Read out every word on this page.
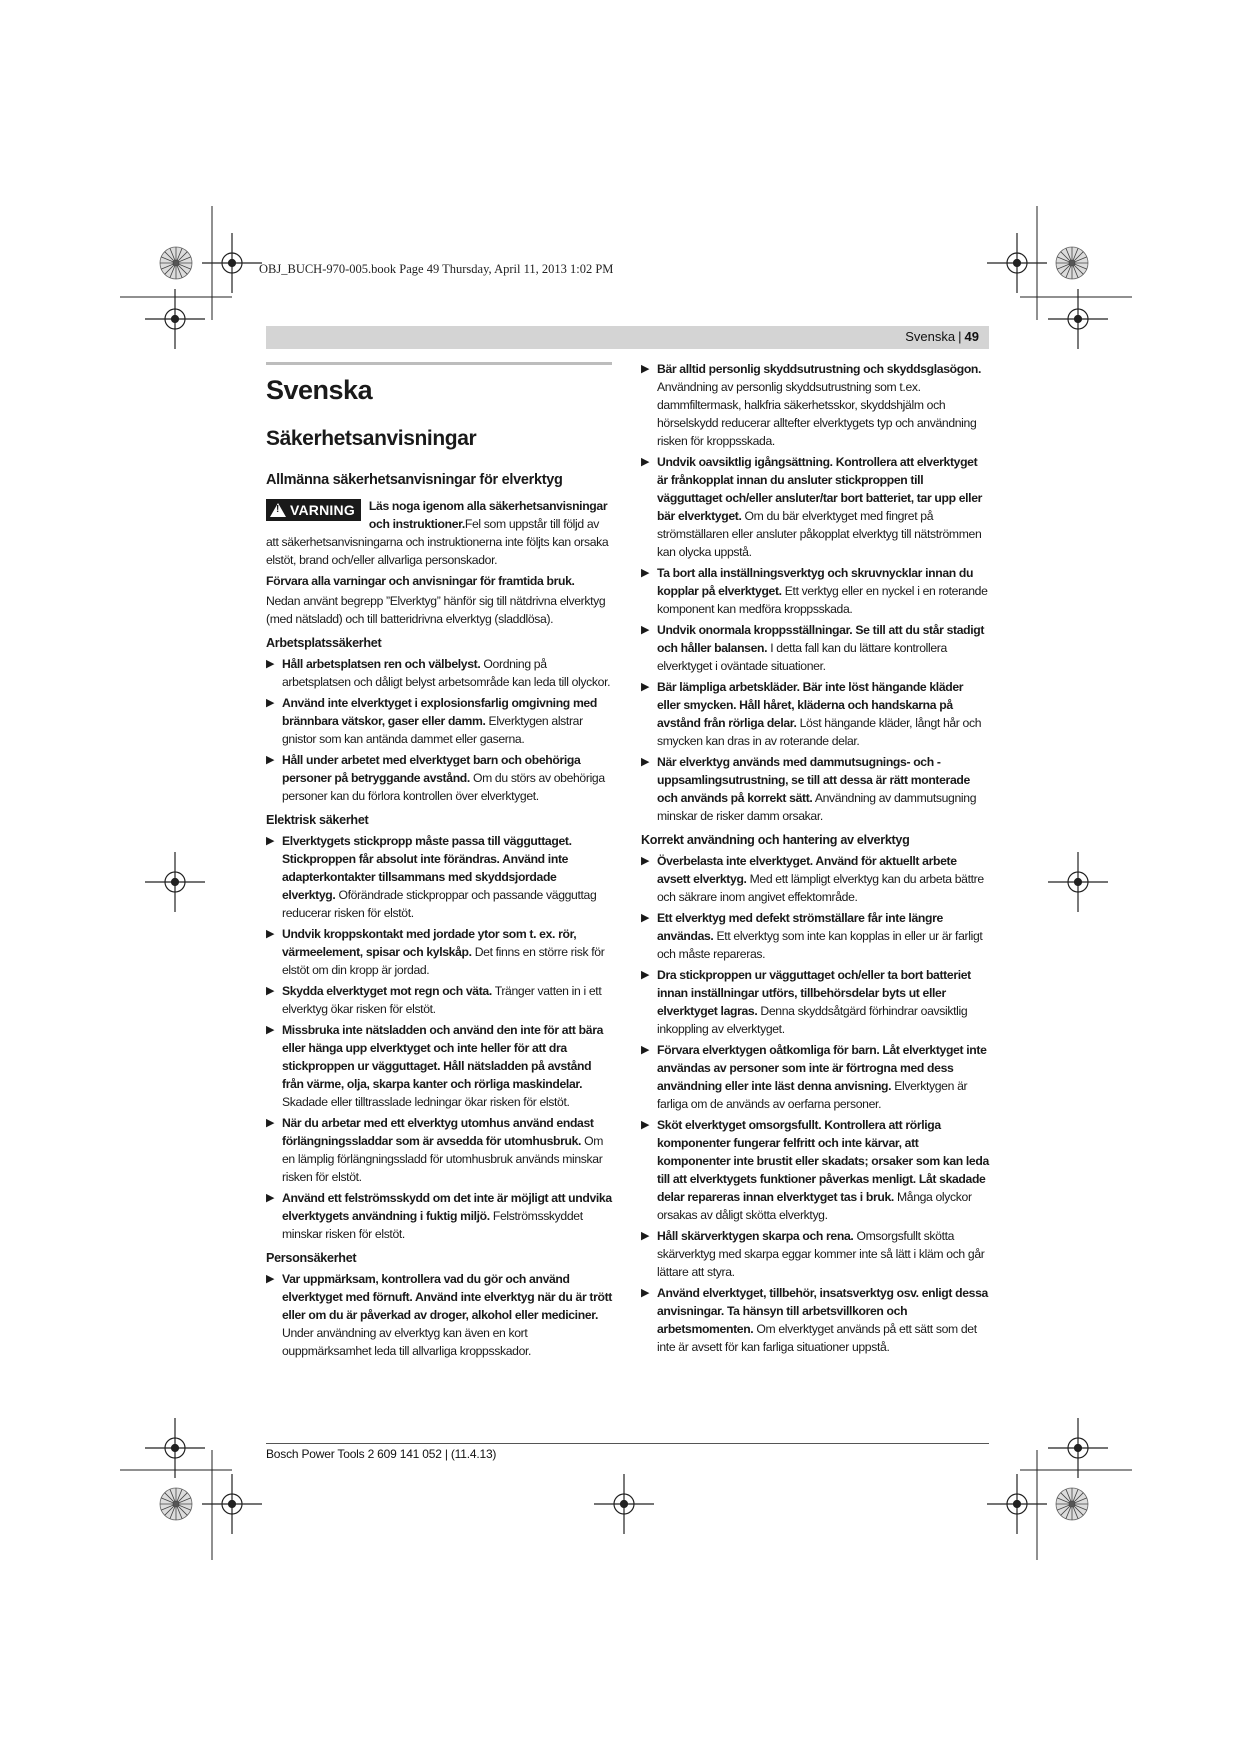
OBJ_BUCH-970-005.book Page 49 Thursday, April 11, 2013 1:02 PM
Svenska | 49
Svenska
Säkerhetsanvisningar
Allmänna säkerhetsanvisningar för elverktyg
!
VARNING Läs noga igenom alla säkerhetsanvisningar och instruktioner.Fel som uppstår till följd av att säkerhetsanvisningarna och instruktionerna inte följts kan orsaka elstöt, brand och/eller allvarliga personskador.

Förvara alla varningar och anvisningar för framtida bruk.

Nedan använt begrepp ”Elverktyg” hänför sig till nätdrivna elverktyg (med nätsladd) och till batteridrivna elverktyg (sladdlösa).

Arbetsplatssäkerhet
▶ Håll arbetsplatsen ren och välbelyst. Oordning på arbetsplatsen och dåligt belyst arbetsområde kan leda till olyckor.
▶ Använd inte elverktyget i explosionsfarlig omgivning med brännbara vätskor, gaser eller damm. Elverktygen alstrar gnistor som kan antända dammet eller gaserna.
▶ Håll under arbetet med elverktyget barn och obehöriga personer på betryggande avstånd. Om du störs av obehöriga personer kan du förlora kontrollen över elverktyget.
Elektrisk säkerhet
▶ Elverktygets stickpropp måste passa till vägguttaget. Stickproppen får absolut inte förändras. Använd inte adapterkontakter tillsammans med skyddsjordade elverktyg. Oförändrade stickproppar och passande vägguttag reducerar risken för elstöt.
▶ Undvik kroppskontakt med jordade ytor som t. ex. rör, värmeelement, spisar och kylskåp. Det finns en större risk för elstöt om din kropp är jordad.
▶ Skydda elverktyget mot regn och väta. Tränger vatten in i ett elverktyg ökar risken för elstöt.
▶ Missbruka inte nätsladden och använd den inte för att bära eller hänga upp elverktyget och inte heller för att dra stickproppen ur vägguttaget. Håll nätsladden på avstånd från värme, olja, skarpa kanter och rörliga maskindelar. Skadade eller tilltrasslade ledningar ökar risken för elstöt.
▶ När du arbetar med ett elverktyg utomhus använd endast förlängningssladdar som är avsedda för utomhusbruk. Om en lämplig förlängningssladd för utomhusbruk används minskar risken för elstöt.
▶ Använd ett felströmsskydd om det inte är möjligt att undvika elverktygets användning i fuktig miljö. Felströmsskyddet minskar risken för elstöt.
Personsäkerhet
▶ Var uppmärksam, kontrollera vad du gör och använd elverktyget med förnuft. Använd inte elverktyg när du är trött eller om du är påverkad av droger, alkohol eller mediciner. Under användning av elverktyg kan även en kort ouppmärksamhet leda till allvarliga kroppsskador.
▶ Bär alltid personlig skyddsutrustning och skyddsglasögon. Användning av personlig skyddsutrustning som t.ex. dammfiltermask, halkfria säkerhetsskor, skyddshjälm och hörselskydd reducerar alltefter elverktygets typ och användning risken för kroppsskada.
▶ Undvik oavsiktlig igångsättning. Kontrollera att elverktyget är frånkopplat innan du ansluter stickproppen till vägguttaget och/eller ansluter/tar bort batteriet, tar upp eller bär elverktyget. Om du bär elverktyget med fingret på strömställaren eller ansluter påkopplat elverktyg till nätströmmen kan olycka uppstå.
▶ Ta bort alla inställningsverktyg och skruvnycklar innan du kopplar på elverktyget. Ett verktyg eller en nyckel i en roterande komponent kan medföra kroppsskada.
▶ Undvik onormala kroppsställningar. Se till att du står stadigt och håller balansen. I detta fall kan du lättare kontrollera elverktyget i oväntade situationer.
▶ Bär lämpliga arbetskläder. Bär inte löst hängande kläder eller smycken. Håll håret, kläderna och handskarna på avstånd från rörliga delar. Löst hängande kläder, långt hår och smycken kan dras in av roterande delar.
▶ När elverktyg används med dammutsugnings- och -uppsamlingsutrustning, se till att dessa är rätt monterade och används på korrekt sätt. Användning av dammutsugning minskar de risker damm orsakar.
Korrekt användning och hantering av elverktyg
▶ Överbelasta inte elverktyget. Använd för aktuellt arbete avsett elverktyg. Med ett lämpligt elverktyg kan du arbeta bättre och säkrare inom angivet effektområde.
▶ Ett elverktyg med defekt strömställare får inte längre användas. Ett elverktyg som inte kan kopplas in eller ur är farligt och måste repareras.
▶ Dra stickproppen ur vägguttaget och/eller ta bort batteriet innan inställningar utförs, tillbehörsdelar byts ut eller elverktyget lagras. Denna skyddsåtgärd förhindrar oavsiktlig inkoppling av elverktyget.
▶ Förvara elverktygen oåtkomliga för barn. Låt elverktyget inte användas av personer som inte är förtrogna med dess användning eller inte läst denna anvisning. Elverktygen är farliga om de används av oerfarna personer.
▶ Sköt elverktyget omsorgsfullt. Kontrollera att rörliga komponenter fungerar felfritt och inte kärvar, att komponenter inte brustit eller skadats; orsaker som kan leda till att elverktygets funktioner påverkas menligt. Låt skadade delar repareras innan elverktyget tas i bruk. Många olyckor orsakas av dåligt skötta elverktyg.
▶ Håll skärverktygen skarpa och rena. Omsorgsfullt skötta skärverktyg med skarpa eggar kommer inte så lätt i kläm och går lättare att styra.
▶ Använd elverktyget, tillbehör, insatsverktyg osv. enligt dessa anvisningar. Ta hänsyn till arbetsvillkoren och arbetsmomenten. Om elverktyget används på ett sätt som det inte är avsett för kan farliga situationer uppstå.
Bosch Power Tools 2 609 141 052 | (11.4.13)
